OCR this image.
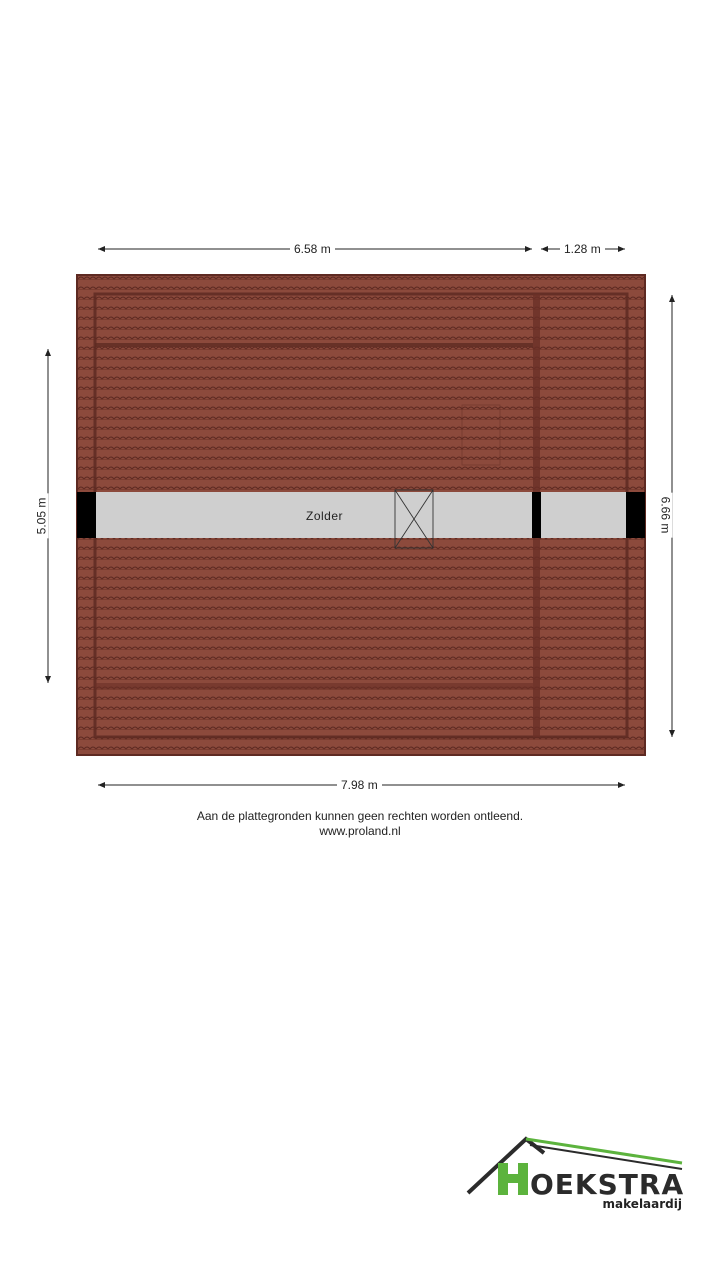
6.58 m	1.28 m
7.98 m
5.05 m	6.66 m
Zolder
Aan de plattegronden kunnen geen rechten worden ontleend.
www.proland.nl
OEKSTRA
makelaardij
